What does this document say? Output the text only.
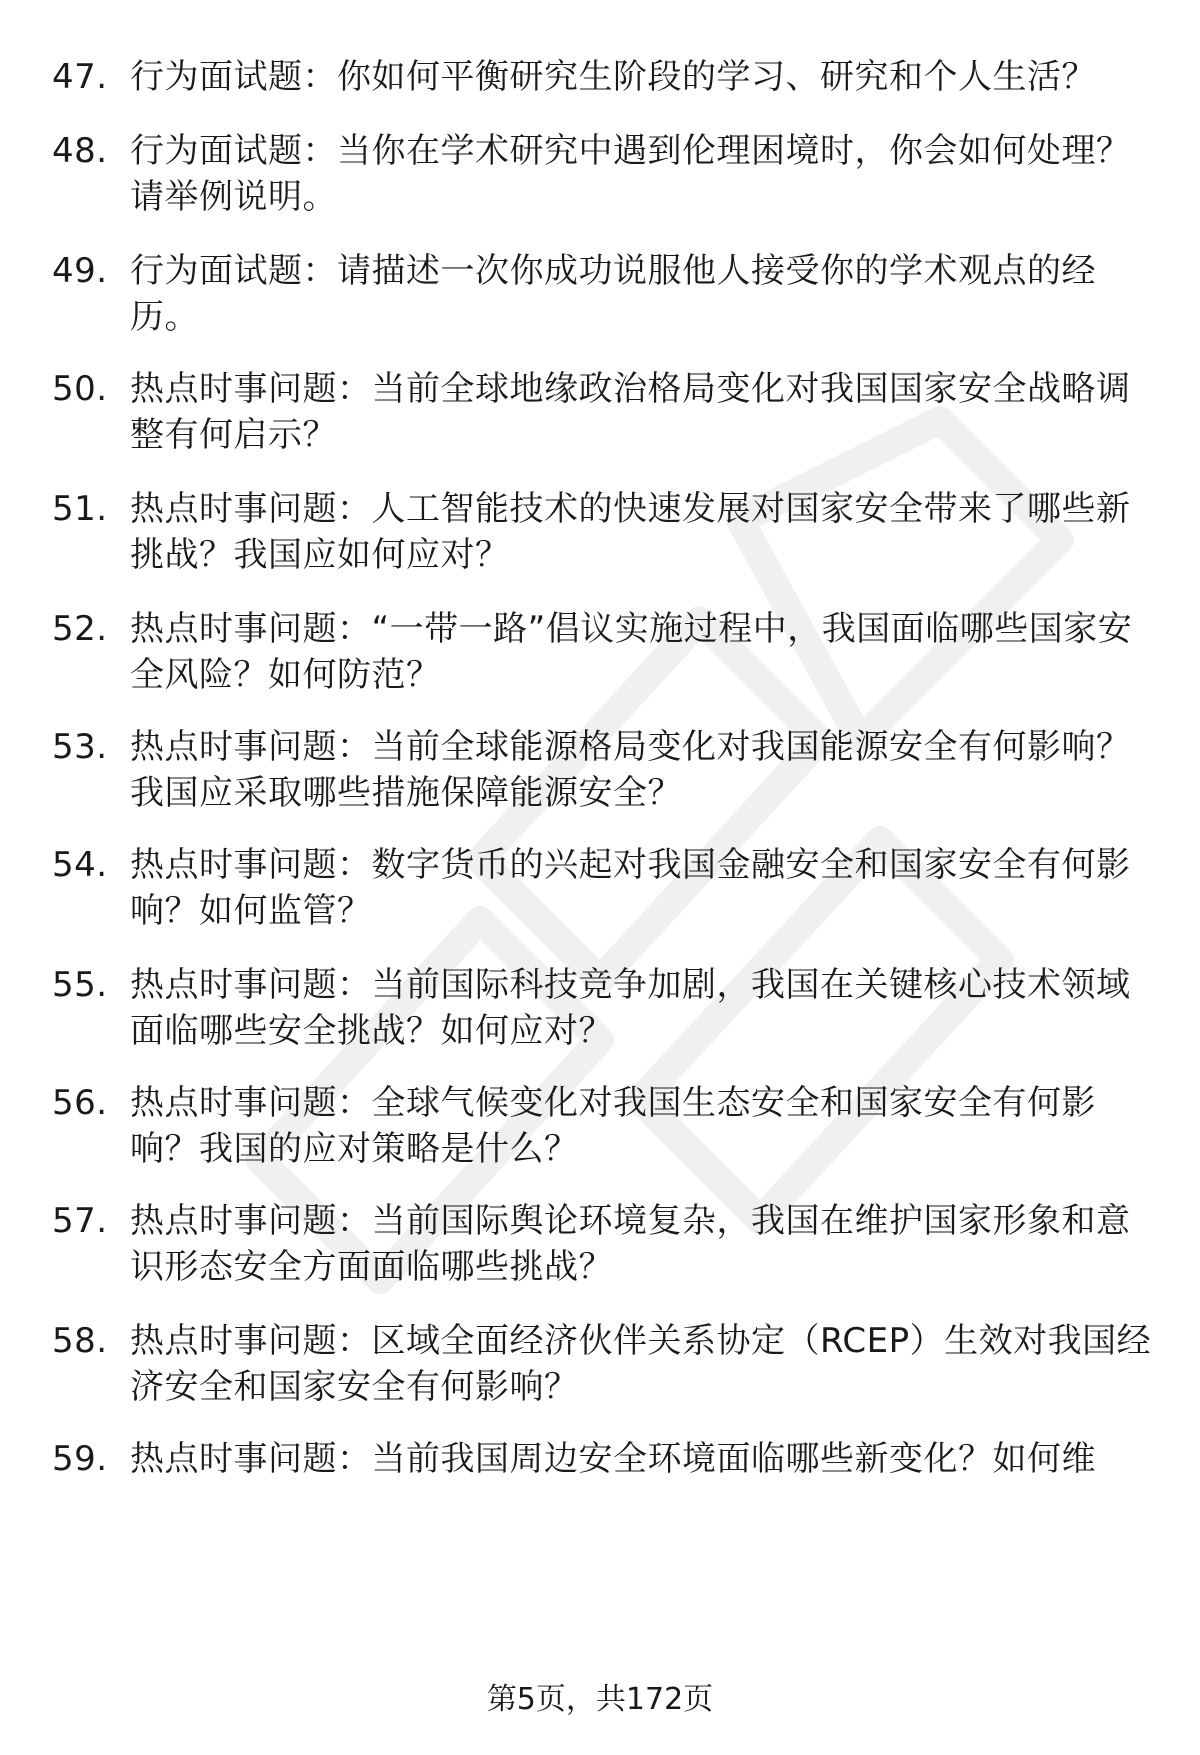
47. 行为面试题：你如何平衡研究生阶段的学习、研究和个人生活？
48. 行为面试题：当你在学术研究中遇到伦理困境时，你会如何处理？请举例说明。
49. 行为面试题：请描述一次你成功说服他人接受你的学术观点的经历。
50. 热点时事问题：当前全球地缘政治格局变化对我国国家安全战略调整有何启示？
51. 热点时事问题：人工智能技术的快速发展对国家安全带来了哪些新挑战？我国应如何应对？
52. 热点时事问题：“一带一路”倡议实施过程中，我国面临哪些国家安全风险？如何防范？
53. 热点时事问题：当前全球能源格局变化对我国能源安全有何影响？我国应采取哪些措施保障能源安全？
54. 热点时事问题：数字货币的兴起对我国金融安全和国家安全有何影响？如何监管？
55. 热点时事问题：当前国际科技竞争加剧，我国在关键核心技术领域面临哪些安全挑战？如何应对？
56. 热点时事问题：全球气候变化对我国生态安全和国家安全有何影响？我国的应对策略是什么？
57. 热点时事问题：当前国际舆论环境复杂，我国在维护国家形象和意识形态安全方面面临哪些挑战？
58. 热点时事问题：区域全面经济伙伴关系协定（RCEP）生效对我国经济安全和国家安全有何影响？
59. 热点时事问题：当前我国周边安全环境面临哪些新变化？如何维
第5页，共172页
